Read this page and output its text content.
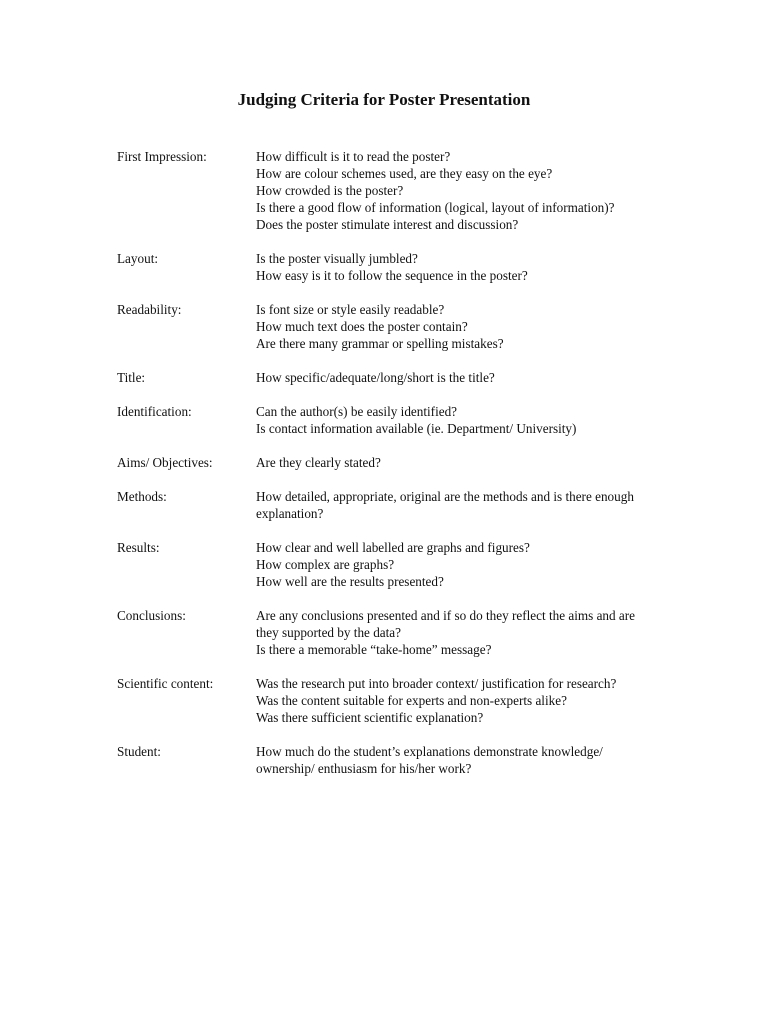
Judging Criteria for Poster Presentation
First Impression:	How difficult is it to read the poster?
How are colour schemes used, are they easy on the eye?
How crowded is the poster?
Is there a good flow of information (logical, layout of information)?
Does the poster stimulate interest and discussion?
Layout:	Is the poster visually jumbled?
How easy is it to follow the sequence in the poster?
Readability:	Is font size or style easily readable?
How much text does the poster contain?
Are there many grammar or spelling mistakes?
Title:	How specific/adequate/long/short is the title?
Identification:	Can the author(s) be easily identified?
Is contact information available (ie. Department/ University)
Aims/ Objectives:	Are they clearly stated?
Methods:	How detailed, appropriate, original are the methods and is there enough explanation?
Results:	How clear and well labelled are graphs and figures?
How complex are graphs?
How well are the results presented?
Conclusions:	Are any conclusions presented and if so do they reflect the aims and are they supported by the data?
Is there a memorable “take-home” message?
Scientific content:	Was the research put into broader context/ justification for research?
Was the content suitable for experts and non-experts alike?
Was there sufficient scientific explanation?
Student:	How much do the student’s explanations demonstrate knowledge/ ownership/ enthusiasm for his/her work?
